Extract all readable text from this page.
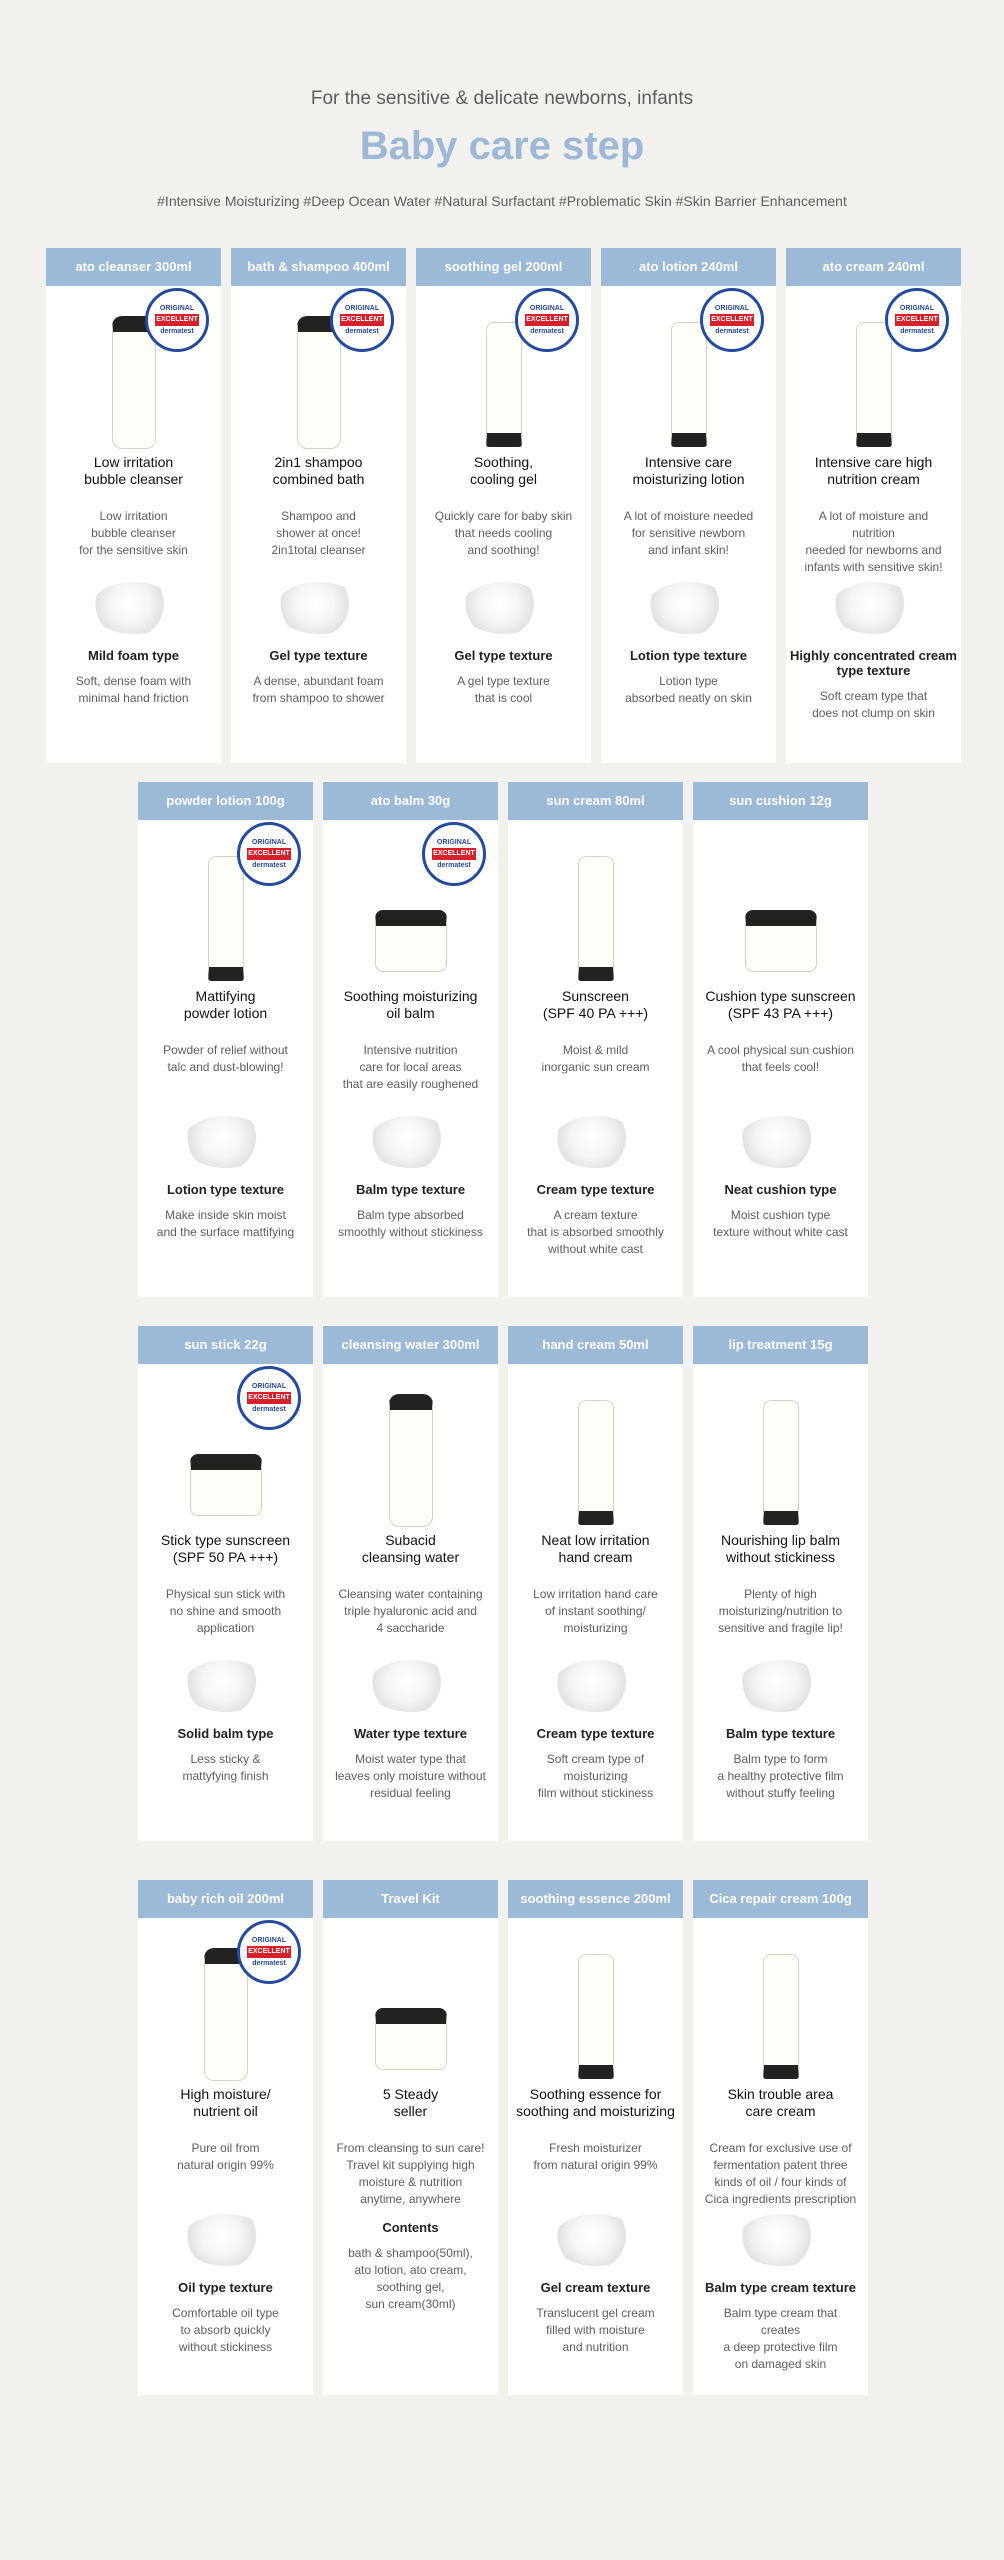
For the sensitive & delicate newborns, infants
Baby care step
#Intensive Moisturizing #Deep Ocean Water #Natural Surfactant #Problematic Skin #Skin Barrier Enhancement
ato cleanser 300ml
ORIGINAL
EXCELLENT
dermatest
Low irritation
bubble cleanser
Low irritation
bubble cleanser
for the sensitive skin
Mild foam type
Soft, dense foam with
minimal hand friction
bath & shampoo 400ml
ORIGINAL
EXCELLENT
dermatest
2in1 shampoo
combined bath
Shampoo and
shower at once!
2in1total cleanser
Gel type texture
A dense, abundant foam
from shampoo to shower
soothing gel 200ml
ORIGINAL
EXCELLENT
dermatest
Soothing,
cooling gel
Quickly care for baby skin
that needs cooling
and soothing!
Gel type texture
A gel type texture
that is cool
ato lotion 240ml
ORIGINAL
EXCELLENT
dermatest
Intensive care
moisturizing lotion
A lot of moisture needed
for sensitive newborn
and infant skin!
Lotion type texture
Lotion type
absorbed neatly on skin
ato cream 240ml
ORIGINAL
EXCELLENT
dermatest
Intensive care high
nutrition cream
A lot of moisture and nutrition
needed for newborns and
infants with sensitive skin!
Highly concentrated cream type texture
Soft cream type that
does not clump on skin
powder lotion 100g
ORIGINAL
EXCELLENT
dermatest
Mattifying
powder lotion
Powder of relief without
talc and dust-blowing!
Lotion type texture
Make inside skin moist
and the surface mattifying
ato balm 30g
ORIGINAL
EXCELLENT
dermatest
Soothing moisturizing
oil balm
Intensive nutrition
care for local areas
that are easily roughened
Balm type texture
Balm type absorbed
smoothly without stickiness
sun cream 80ml
Sunscreen
(SPF 40 PA +++)
Moist & mild
inorganic sun cream
Cream type texture
A cream texture
that is absorbed smoothly
without white cast
sun cushion 12g
Cushion type sunscreen
(SPF 43 PA +++)
A cool physical sun cushion
that feels cool!
Neat cushion type
Moist cushion type
texture without white cast
sun stick 22g
ORIGINAL
EXCELLENT
dermatest
Stick type sunscreen
(SPF 50 PA +++)
Physical sun stick with
no shine and smooth
application
Solid balm type
Less sticky &
mattyfying finish
cleansing water 300ml
Subacid
cleansing water
Cleansing water containing
triple hyaluronic acid and
4 saccharide
Water type texture
Moist water type that
leaves only moisture without
residual feeling
hand cream 50ml
Neat low irritation
hand cream
Low irritation hand care
of instant soothing/
moisturizing
Cream type texture
Soft cream type of
moisturizing
film without stickiness
lip treatment 15g
Nourishing lip balm
without stickiness
Plenty of high
moisturizing/nutrition to
sensitive and fragile lip!
Balm type texture
Balm type to form
a healthy protective film
without stuffy feeling
baby rich oil 200ml
ORIGINAL
EXCELLENT
dermatest
High moisture/
nutrient oil
Pure oil from
natural origin 99%
Oil type texture
Comfortable oil type
to absorb quickly
without stickiness
Travel Kit
5 Steady
seller
From cleansing to sun care!
Travel kit supplying high
moisture & nutrition
anytime, anywhere
Contents
bath & shampoo(50ml),
ato lotion, ato cream,
soothing gel,
sun cream(30ml)
soothing essence 200ml
Soothing essence for
soothing and moisturizing
Fresh moisturizer
from natural origin 99%
Gel cream texture
Translucent gel cream
filled with moisture
and nutrition
Cica repair cream 100g
Skin trouble area
care cream
Cream for exclusive use of
fermentation patent three
kinds of oil / four kinds of
Cica ingredients prescription
Balm type cream texture
Balm type cream that creates
a deep protective film
on damaged skin
